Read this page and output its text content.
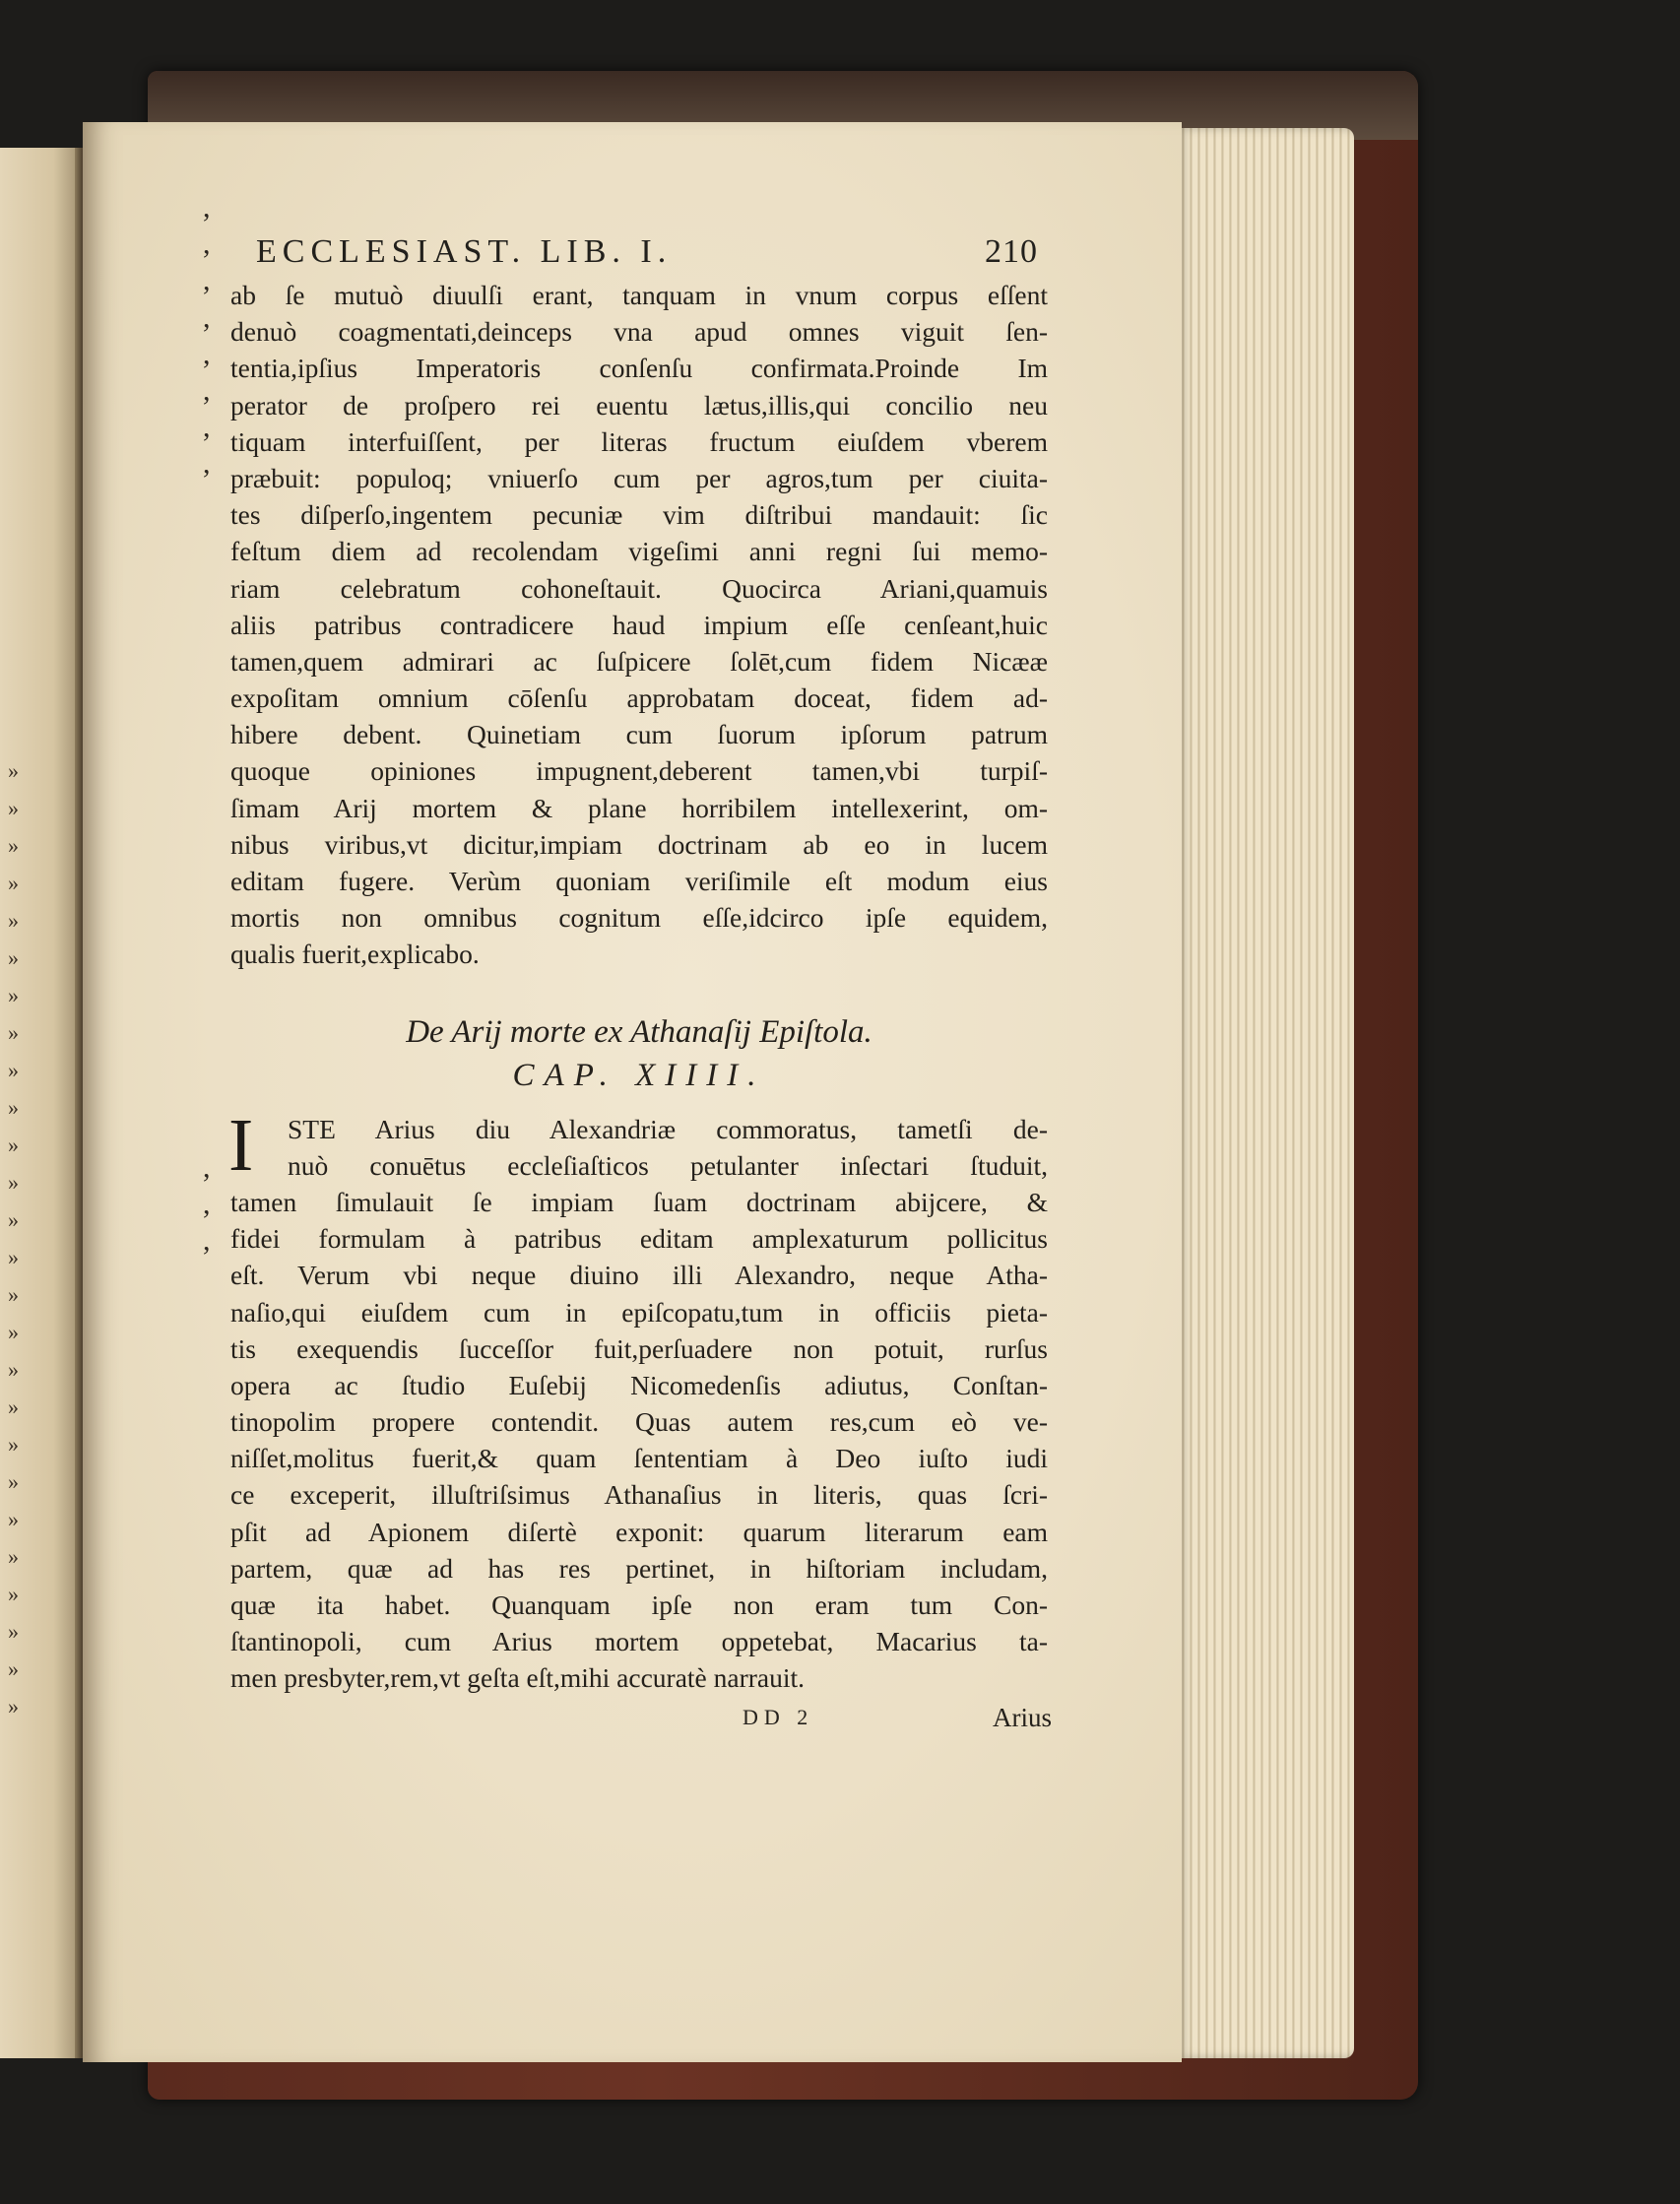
ECCLESIAST. LIB. I.	210
ab ſe mutuò diuulſi erant, tanquam in vnum corpus eſſent
denuò coagmentati,deinceps vna apud omnes viguit ſen-
tentia,ipſius Imperatoris conſenſu confirmata.Proinde Im
perator de proſpero rei euentu lætus,illis,qui concilio neu
tiquam interfuiſſent, per literas fructum eiuſdem vberem
præbuit: populoq; vniuerſo cum per agros,tum per ciuita-
tes diſperſo,ingentem pecuniæ vim diſtribui mandauit: ſic
feſtum diem ad recolendam vigeſimi anni regni ſui memo-
riam celebratum cohoneſtauit. Quocirca Ariani,quamuis
aliis patribus contradicere haud impium eſſe cenſeant,huic
tamen,quem admirari ac ſuſpicere ſolēt,cum fidem Nicææ
expoſitam omnium cōſenſu approbatam doceat, fidem ad-
hibere debent. Quinetiam cum ſuorum ipſorum patrum
quoque opiniones impugnent,deberent tamen,vbi turpiſ-
ſimam Arij mortem & plane horribilem intellexerint, om-
nibus viribus,vt dicitur,impiam doctrinam ab eo in lucem
editam fugere. Verùm quoniam veriſimile eſt modum eius
mortis non omnibus cognitum eſſe,idcirco ipſe equidem,
qualis fuerit,explicabo.
De Arij morte ex Athanaſij Epiſtola.
CAP. XIIII.
I	STE Arius diu Alexandriæ commoratus, tametſi de-
nuò conuētus eccleſiaſticos petulanter inſectari ſtuduit,
tamen ſimulauit ſe impiam ſuam doctrinam abijcere, &
fidei formulam à patribus editam amplexaturum pollicitus
eſt. Verum vbi neque diuino illi Alexandro, neque Atha-
naſio,qui eiuſdem cum in epiſcopatu,tum in officiis pieta-
tis exequendis ſucceſſor fuit,perſuadere non potuit, rurſus
opera ac ſtudio Euſebij Nicomedenſis adiutus, Conſtan-
tinopolim propere contendit. Quas autem res,cum eò ve-
niſſet,molitus fuerit,& quam ſententiam à Deo iuſto iudi
ce exceperit, illuſtriſsimus Athanaſius in literis, quas ſcri-
pſit ad Apionem diſertè exponit: quarum literarum eam
partem, quæ ad has res pertinet, in hiſtoriam includam,
quæ ita habet. Quanquam ipſe non eram tum Con-
ſtantinopoli, cum Arius mortem oppetebat, Macarius ta-
men presbyter,rem,vt geſta eſt,mihi accuratè narrauit.
DD 2	Arius
,
,
,
,
,
,
,
,
,
,
,
»
»
»
»
»
»
»
»
»
»
»
»
»
»
»
»
»
»
»
»
»
»
»
»
»
»
